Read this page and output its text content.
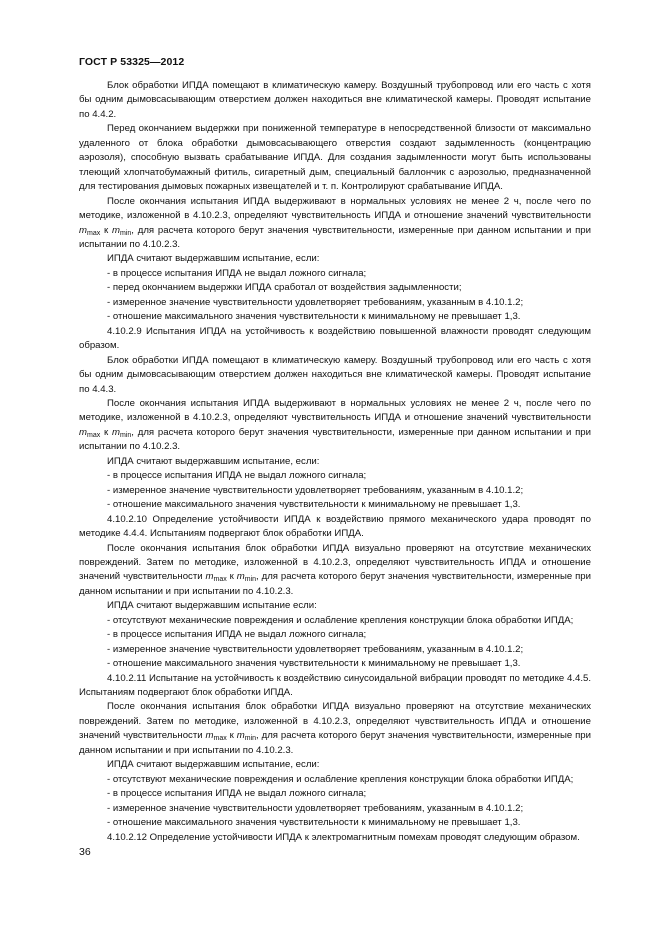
ГОСТ Р 53325—2012

Блок обработки ИПДА помещают в климатическую камеру. Воздушный трубопровод или его часть с хотя бы одним дымовсасывающим отверстием должен находиться вне климатической камеры. Проводят испытание по 4.4.2.

Перед окончанием выдержки при пониженной температуре в непосредственной близости от максимально удаленного от блока обработки дымовсасывающего отверстия создают задымленность (концентрацию аэрозоля), способную вызвать срабатывание ИПДА. Для создания задымленности могут быть использованы тлеющий хлопчатобумажный фитиль, сигаретный дым, специальный баллончик с аэрозолью, предназначенной для тестирования дымовых пожарных извещателей и т. п. Контролируют срабатывание ИПДА.

После окончания испытания ИПДА выдерживают в нормальных условиях не менее 2 ч, после чего по методике, изложенной в 4.10.2.3, определяют чувствительность ИПДА и отношение значений чувствительности $m_{max}$ к $m_{min}$, для расчета которого берут значения чувствительности, измеренные при данном испытании и при испытании по 4.10.2.3.

ИПДА считают выдержавшим испытание, если:

- в процессе испытания ИПДА не выдал ложного сигнала;

- перед окончанием выдержки ИПДА сработал от воздействия задымленности;

- измеренное значение чувствительности удовлетворяет требованиям, указанным в 4.10.1.2;

- отношение максимального значения чувствительности к минимальному не превышает 1,3.

4.10.2.9 Испытания ИПДА на устойчивость к воздействию повышенной влажности проводят следующим образом.

Блок обработки ИПДА помещают в климатическую камеру. Воздушный трубопровод или его часть с хотя бы одним дымовсасывающим отверстием должен находиться вне климатической камеры. Проводят испытание по 4.4.3.

После окончания испытания ИПДА выдерживают в нормальных условиях не менее 2 ч, после чего по методике, изложенной в 4.10.2.3, определяют чувствительность ИПДА и отношение значений чувствительности $m_{max}$ к $m_{min}$, для расчета которого берут значения чувствительности, измеренные при данном испытании и при испытании по 4.10.2.3.

ИПДА считают выдержавшим испытание, если:

- в процессе испытания ИПДА не выдал ложного сигнала;

- измеренное значение чувствительности удовлетворяет требованиям, указанным в 4.10.1.2;

- отношение максимального значения чувствительности к минимальному не превышает 1,3.

4.10.2.10 Определение устойчивости ИПДА к воздействию прямого механического удара проводят по методике 4.4.4. Испытаниям подвергают блок обработки ИПДА.

После окончания испытания блок обработки ИПДА визуально проверяют на отсутствие механических повреждений. Затем по методике, изложенной в 4.10.2.3, определяют чувствительность ИПДА и отношение значений чувствительности $m_{max}$ к $m_{min}$, для расчета которого берут значения чувствительности, измеренные при данном испытании и при испытании по 4.10.2.3.

ИПДА считают выдержавшим испытание если:

- отсутствуют механические повреждения и ослабление крепления конструкции блока обработки ИПДА;

- в процессе испытания ИПДА не выдал ложного сигнала;

- измеренное значение чувствительности удовлетворяет требованиям, указанным в 4.10.1.2;

- отношение максимального значения чувствительности к минимальному не превышает 1,3.

4.10.2.11 Испытание на устойчивость к воздействию синусоидальной вибрации проводят по методике 4.4.5. Испытаниям подвергают блок обработки ИПДА.

После окончания испытания блок обработки ИПДА визуально проверяют на отсутствие механических повреждений. Затем по методике, изложенной в 4.10.2.3, определяют чувствительность ИПДА и отношение значений чувствительности $m_{max}$ к $m_{min}$, для расчета которого берут значения чувствительности, измеренные при данном испытании и при испытании по 4.10.2.3.

ИПДА считают выдержавшим испытание, если:

- отсутствуют механические повреждения и ослабление крепления конструкции блока обработки ИПДА;

- в процессе испытания ИПДА не выдал ложного сигнала;

- измеренное значение чувствительности удовлетворяет требованиям, указанным в 4.10.1.2;

- отношение максимального значения чувствительности к минимальному не превышает 1,3.

4.10.2.12 Определение устойчивости ИПДА к электромагнитным помехам проводят следующим образом.

36
